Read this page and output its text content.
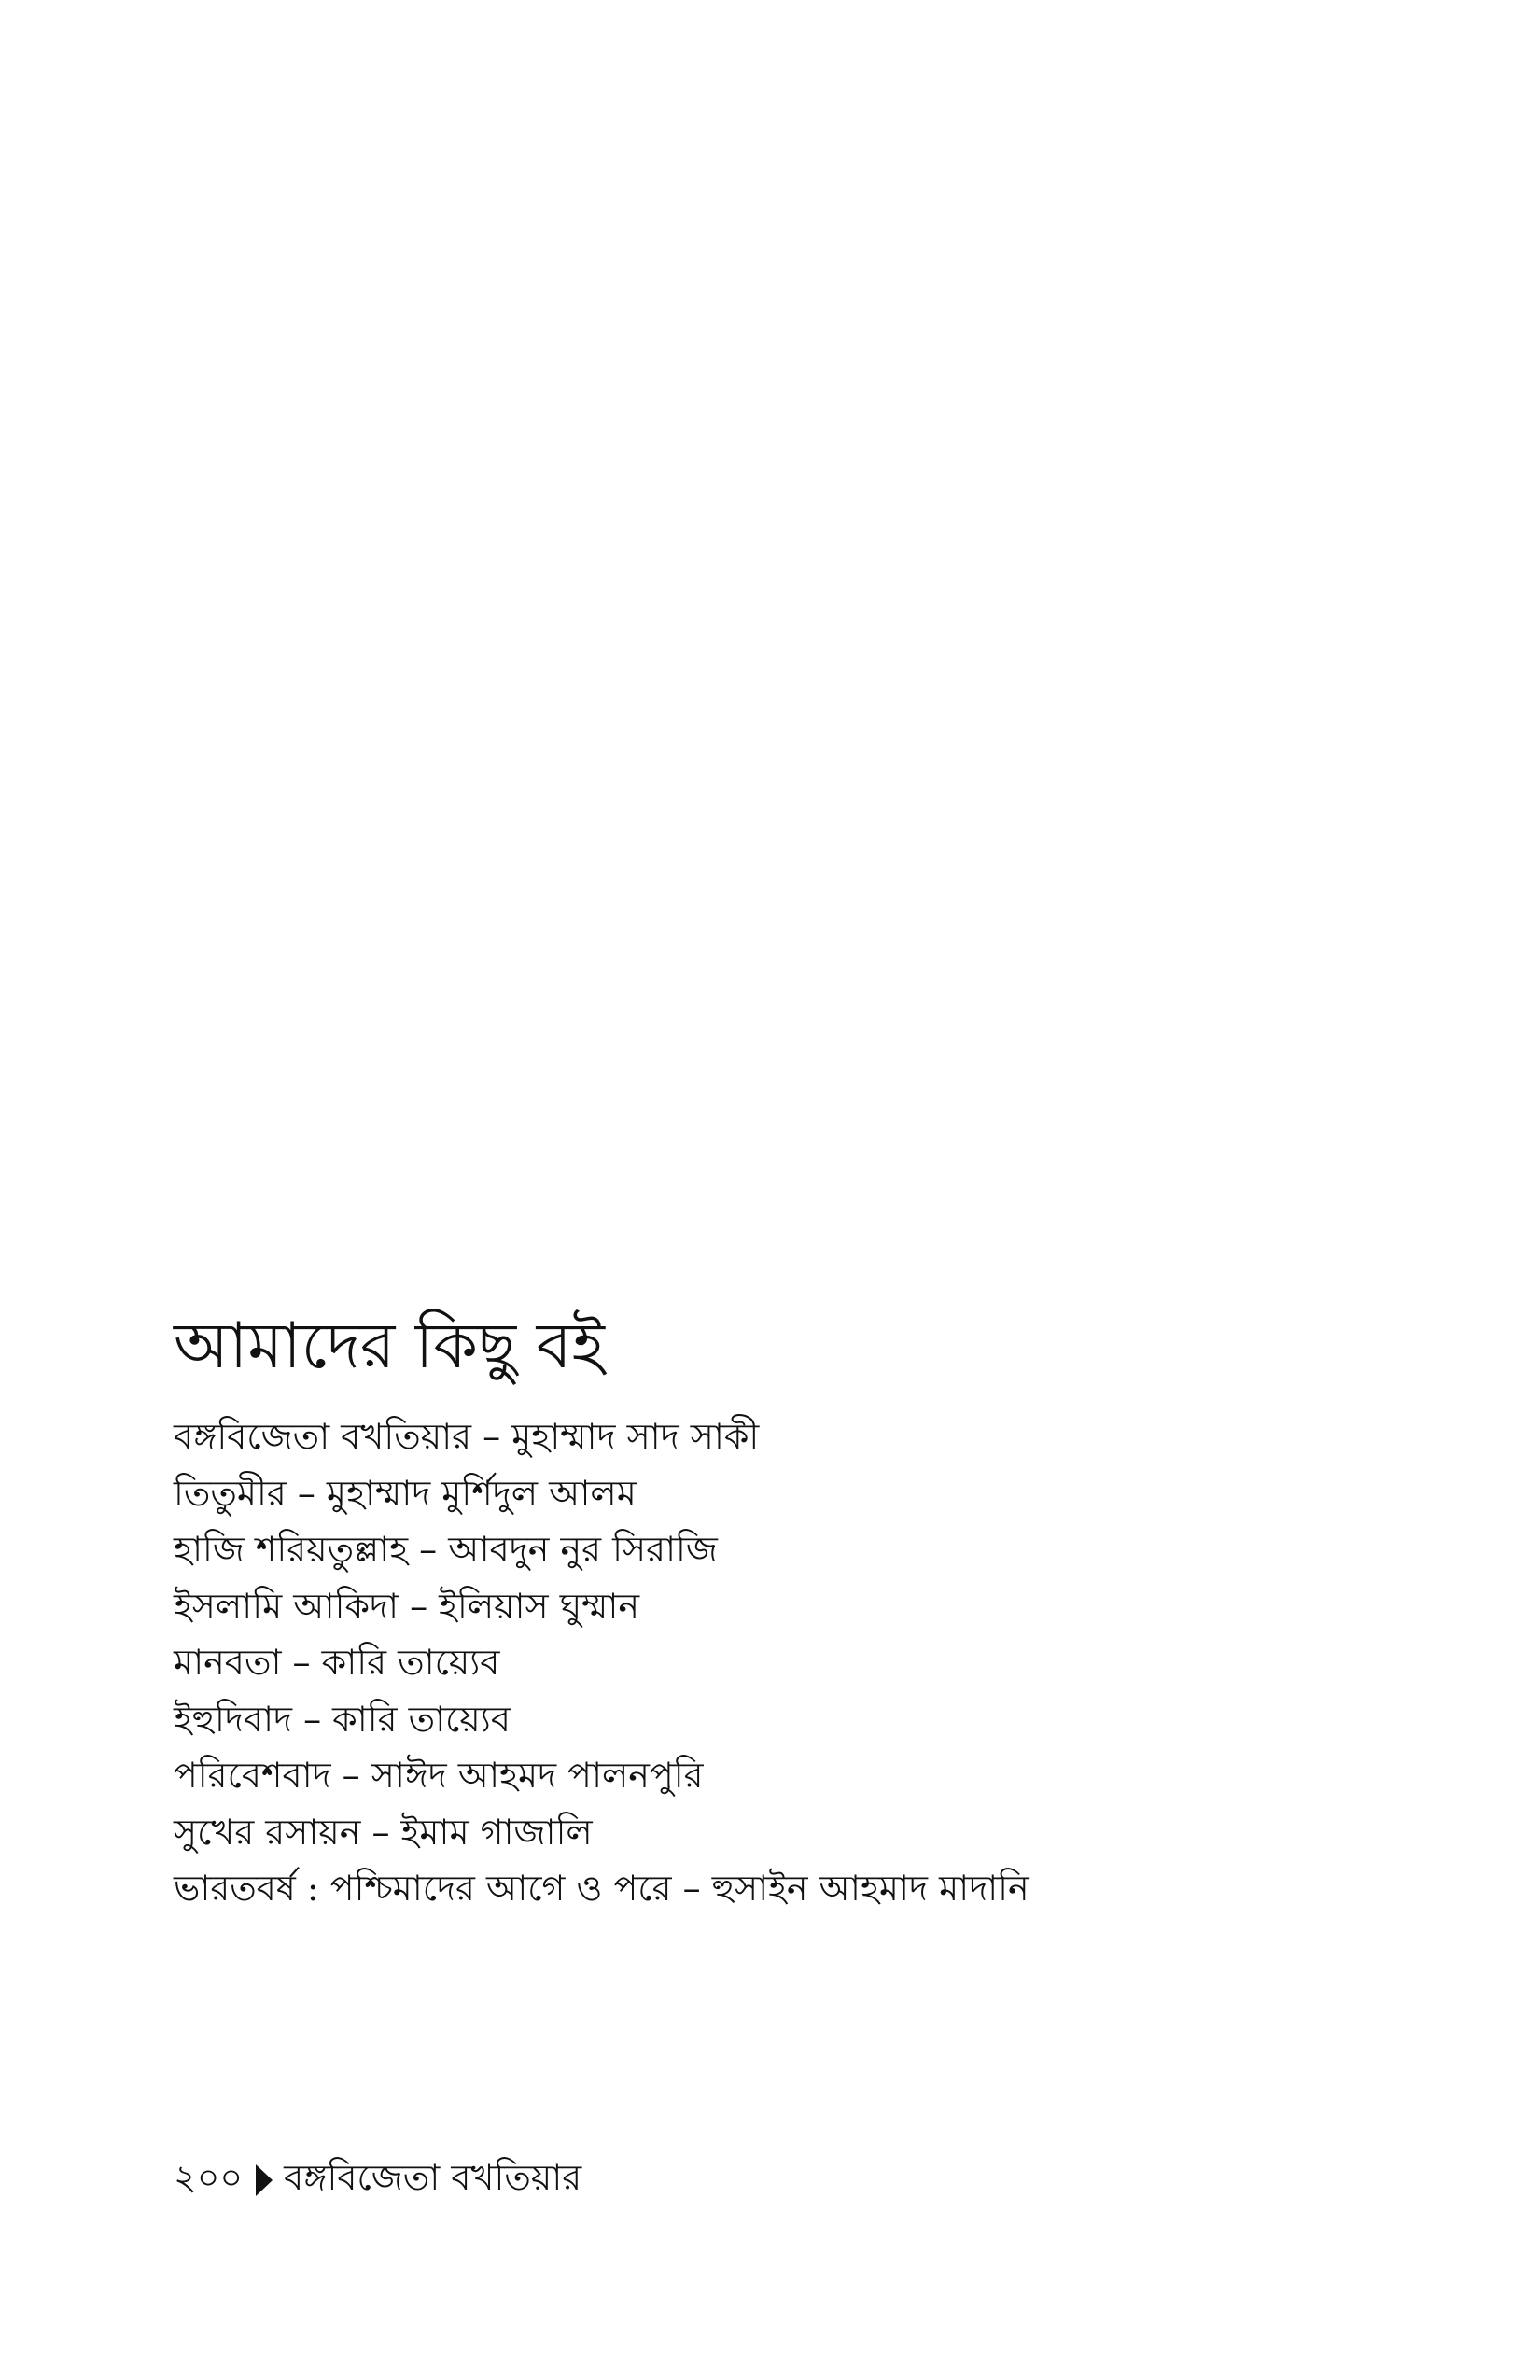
আমাদের কিছু বই
বঙ্গবিজেতা বখতিয়ার – মুহাম্মাদ সাদ সাকী
তিতুমীর – মুহাম্মাদ মুর্শিদুল আলম
হাজি শরিয়তুল্লাহ – আবদুন নুর সিরাজি
ইসলামি আকিদা – ইলিয়াস ঘুম্মান
মানবতা – কারি তায়্যেব
ইহুদিবাদ – কারি তায়্যেব
পরিবেশবাদ – সাঈদ আহমদ পালনপুরি
সুখের রসায়ন – ইমাম গাজালি
ভারতবর্ষ : পশ্চিমাদের আগে ও পরে – হুসাইন আহমাদ মাদানি
২০০ বঙ্গবিজেতা বখতিয়ার
